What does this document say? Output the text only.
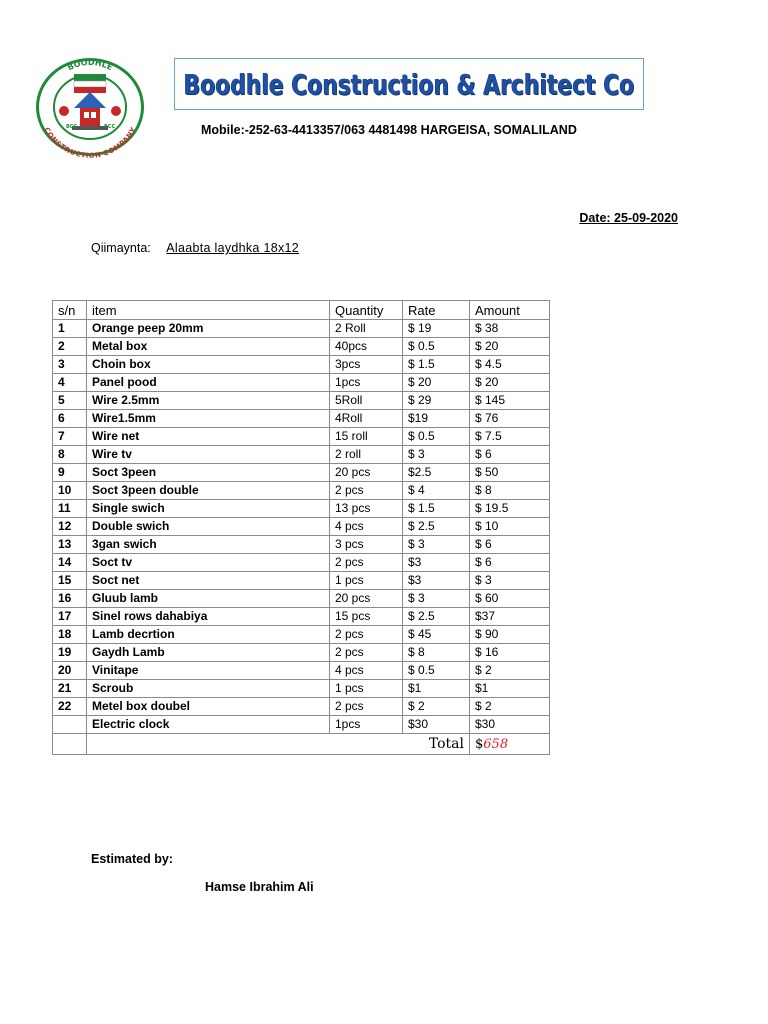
BOODHLE
CONSTRUCTION COMPANY
BCC	BCC
Boodhle Construction & Architect Co
Mobile:-252-63-4413357/063 4481498 HARGEISA, SOMALILAND
Date: 25-09-2020
Qiimaynta: Alaabta laydhka 18x12
s/n	item	Quantity	Rate	Amount
1	Orange peep 20mm	2 Roll	$ 19	$ 38
2	Metal box	40pcs	$ 0.5	$ 20
3	Choin box	3pcs	$ 1.5	$ 4.5
4	Panel pood	1pcs	$ 20	$ 20
5	Wire 2.5mm	5Roll	$ 29	$ 145
6	Wire1.5mm	4Roll	$19	$ 76
7	Wire net	15 roll	$ 0.5	$ 7.5
8	Wire tv	2 roll	$ 3	$ 6
9	Soct 3peen	20 pcs	$2.5	$ 50
10	Soct 3peen double	2 pcs	$ 4	$ 8
11	Single swich	13 pcs	$ 1.5	$ 19.5
12	Double swich	4 pcs	$ 2.5	$ 10
13	3gan swich	3 pcs	$ 3	$ 6
14	Soct tv	2 pcs	$3	$ 6
15	Soct net	1 pcs	$3	$ 3
16	Gluub lamb	20 pcs	$ 3	$ 60
17	Sinel rows dahabiya	15 pcs	$ 2.5	$37
18	Lamb decrtion	2 pcs	$ 45	$ 90
19	Gaydh Lamb	2 pcs	$ 8	$ 16
20	Vinitape	4 pcs	$ 0.5	$ 2
21	Scroub	1 pcs	$1	$1
22	Metel box doubel	2 pcs	$ 2	$ 2
	Electric clock	1pcs	$30	$30

	Total			$658
Estimated by:
Hamse Ibrahim Ali
